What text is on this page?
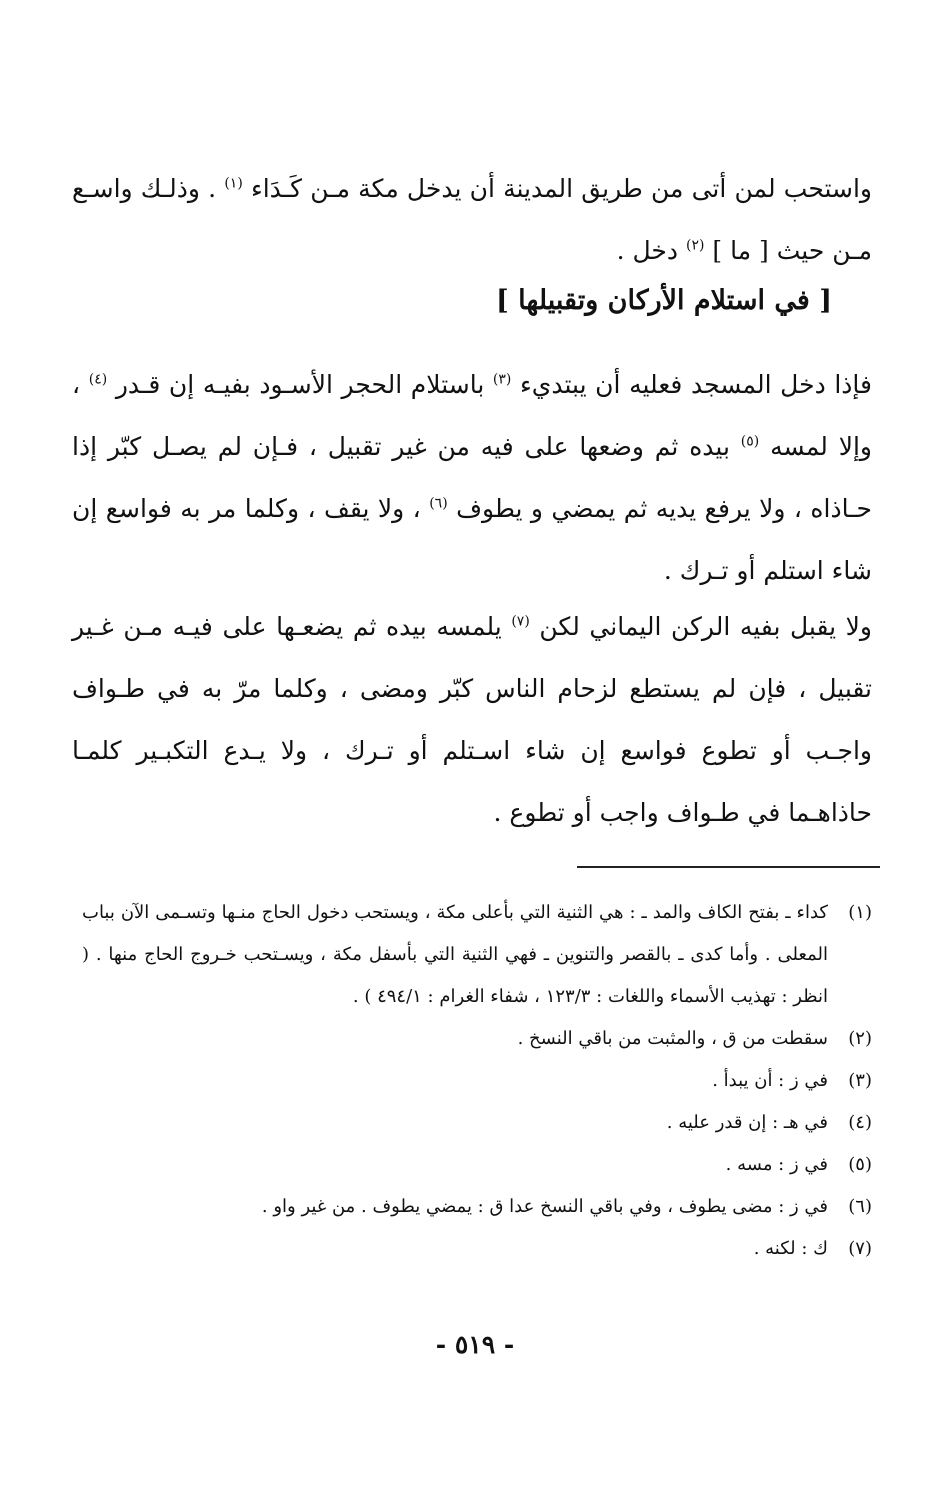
واستحب لمن أتى من طريق المدينة أن يدخل مكة مـن كَـدَاء $^{(١)}$ . وذلـك واسـع مـن حيث [ ما ] $^{(٢)}$ دخل .

[ في استلام الأركان وتقبيلها ]

فإذا دخل المسجد فعليه أن يبتديء $^{(٣)}$ باستلام الحجر الأسـود بفيـه إن قـدر $^{(٤)}$ ، وإلا لمسه $^{(٥)}$ بيده ثم وضعها على فيه من غير تقبيل ، فـإن لم يصـل كبّر إذا حـاذاه ، ولا يرفع يديه ثم يمضي و يطوف $^{(٦)}$ ، ولا يقف ، وكلما مر به فواسع إن شاء استلم أو تـرك .

ولا يقبل بفيه الركن اليماني لكن $^{(٧)}$ يلمسه بيده ثم يضعـها على فيـه مـن غـير تقبيل ، فإن لم يستطع لزحام الناس كبّر ومضى ، وكلما مرّ به في طـواف واجـب أو تطوع فواسع إن شاء اسـتلم أو تـرك ، ولا يـدع التكبـير كلمـا حاذاهـما في طـواف واجب أو تطوع .

(١)
كداء ـ بفتح الكاف والمد ـ : هي الثنية التي بأعلى مكة ، ويستحب دخول الحاج منـها وتسـمى الآن بباب المعلى . وأما كدى ـ بالقصر والتنوين ـ فهي الثنية التي بأسفل مكة ، ويسـتحب خـروج الحاج منها . ( انظر : تهذيب الأسماء واللغات : ١٢٣/٣ ، شفاء الغرام : ٤٩٤/١ ) .
(٢)
سقطت من ق ، والمثبت من باقي النسخ .
(٣)
في ز : أن يبدأ .
(٤)
في هـ : إن قدر عليه .
(٥)
في ز : مسه .
(٦)
في ز : مضى يطوف ، وفي باقي النسخ عدا ق : يمضي يطوف . من غير واو .
(٧)
ك : لكنه .
- ٥١٩ -
